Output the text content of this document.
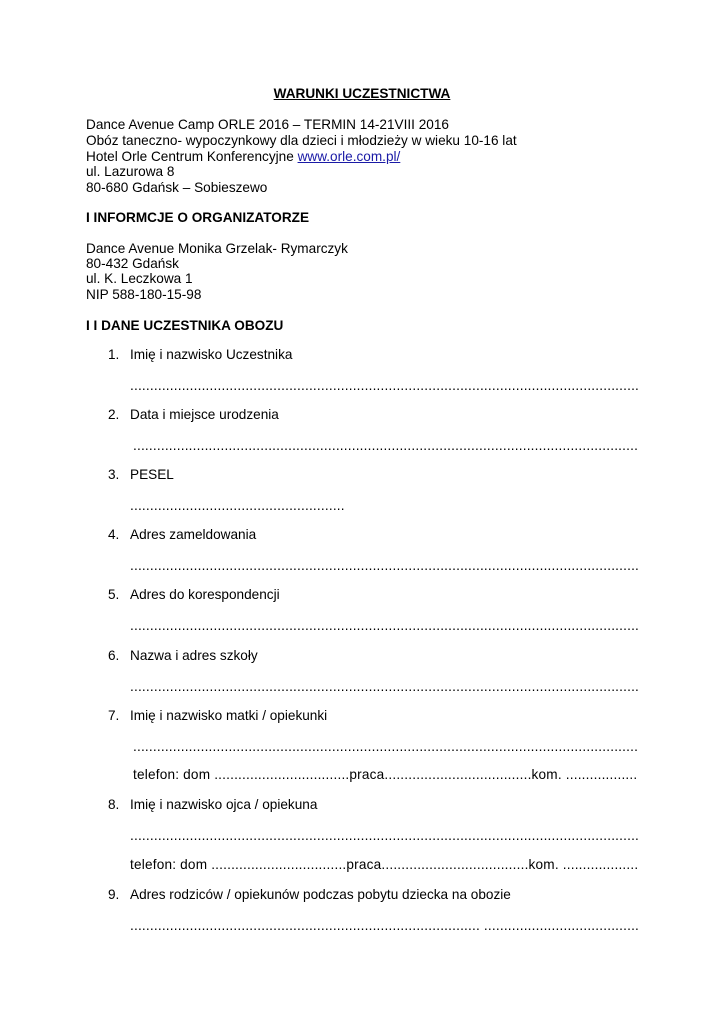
WARUNKI UCZESTNICTWA
Dance Avenue Camp ORLE 2016 – TERMIN 14-21VIII 2016
Obóz taneczno- wypoczynkowy dla dzieci i młodzieży w wieku 10-16 lat
Hotel Orle Centrum Konferencyjne www.orle.com.pl/
ul. Lazurowa 8
80-680 Gdańsk – Sobieszewo
I INFORMCJE O ORGANIZATORZE
Dance Avenue Monika Grzelak- Rymarczyk
80-432 Gdańsk
ul. K. Leczkowa 1
NIP 588-180-15-98
I I DANE UCZESTNIKA OBOZU
1. Imię i nazwisko Uczestnika
................................................................................................................................
2. Data i miejsce urodzenia
...............................................................................................................................
3. PESEL
......................................................
4. Adres zameldowania
................................................................................................................................
5. Adres do korespondencji
................................................................................................................................
6. Nazwa i adres szkoły
................................................................................................................................
7. Imię i nazwisko matki / opiekunki
...............................................................................................................................
telefon: dom ..................................praca.....................................kom. ..................
8. Imię i nazwisko ojca / opiekuna
................................................................................................................................
telefon: dom ..................................praca.....................................kom. ...................
9. Adres rodziców / opiekunów podczas pobytu dziecka na obozie
........................................................................................ .......................................
